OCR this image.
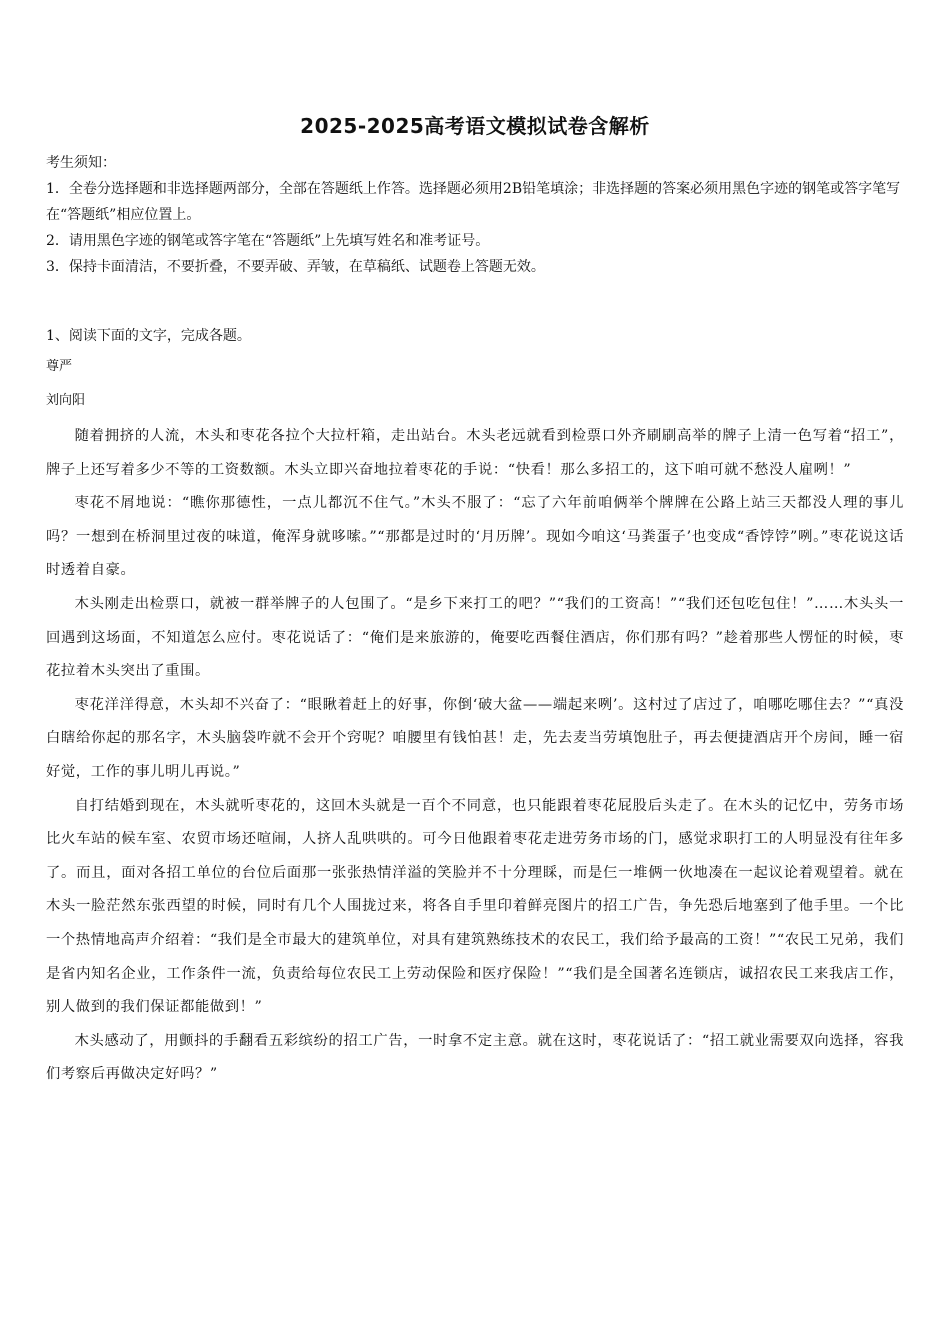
2025-2025高考语文模拟试卷含解析
考生须知：
1．全卷分选择题和非选择题两部分，全部在答题纸上作答。选择题必须用2B铅笔填涂；非选择题的答案必须用黑色字迹的钢笔或答字笔写在“答题纸”相应位置上。
2．请用黑色字迹的钢笔或答字笔在“答题纸”上先填写姓名和准考证号。
3．保持卡面清洁，不要折叠，不要弄破、弄皱，在草稿纸、试题卷上答题无效。
1、阅读下面的文字，完成各题。
尊严
刘向阳

随着拥挤的人流，木头和枣花各拉个大拉杆箱，走出站台。木头老远就看到检票口外齐刷刷高举的牌子上清一色写着“招工”，牌子上还写着多少不等的工资数额。木头立即兴奋地拉着枣花的手说：“快看！那么多招工的，这下咱可就不愁没人雇咧！”

枣花不屑地说：“瞧你那德性，一点儿都沉不住气。”木头不服了：“忘了六年前咱俩举个牌牌在公路上站三天都没人理的事儿吗？一想到在桥洞里过夜的味道，俺浑身就哆嗦。”“那都是过时的‘月历牌’。现如今咱这‘马粪蛋子’也变成“香饽饽”咧。”枣花说这话时透着自豪。

木头刚走出检票口，就被一群举牌子的人包围了。“是乡下来打工的吧？”“我们的工资高！”“我们还包吃包住！”……木头头一回遇到这场面，不知道怎么应付。枣花说话了：“俺们是来旅游的，俺要吃西餐住酒店，你们那有吗？”趁着那些人愣怔的时候，枣花拉着木头突出了重围。

枣花洋洋得意，木头却不兴奋了：“眼瞅着赶上的好事，你倒‘破大盆——端起来咧’。这村过了店过了，咱哪吃哪住去？”“真没白瞎给你起的那名字，木头脑袋咋就不会开个窍呢？咱腰里有钱怕甚！走，先去麦当劳填饱肚子，再去便捷酒店开个房间，睡一宿好觉，工作的事儿明儿再说。”

自打结婚到现在，木头就听枣花的，这回木头就是一百个不同意，也只能跟着枣花屁股后头走了。在木头的记忆中，劳务市场比火车站的候车室、农贸市场还喧闹，人挤人乱哄哄的。可今日他跟着枣花走进劳务市场的门，感觉求职打工的人明显没有往年多了。而且，面对各招工单位的台位后面那一张张热情洋溢的笑脸并不十分理睬，而是仨一堆俩一伙地凑在一起议论着观望着。就在木头一脸茫然东张西望的时候，同时有几个人围拢过来，将各自手里印着鲜亮图片的招工广告，争先恐后地塞到了他手里。一个比一个热情地高声介绍着：“我们是全市最大的建筑单位，对具有建筑熟练技术的农民工，我们给予最高的工资！”“农民工兄弟，我们是省内知名企业，工作条件一流，负责给每位农民工上劳动保险和医疗保险！”“我们是全国著名连锁店，诚招农民工来我店工作，别人做到的我们保证都能做到！”

木头感动了，用颤抖的手翻看五彩缤纷的招工广告，一时拿不定主意。就在这时，枣花说话了：“招工就业需要双向选择，容我们考察后再做决定好吗？”
